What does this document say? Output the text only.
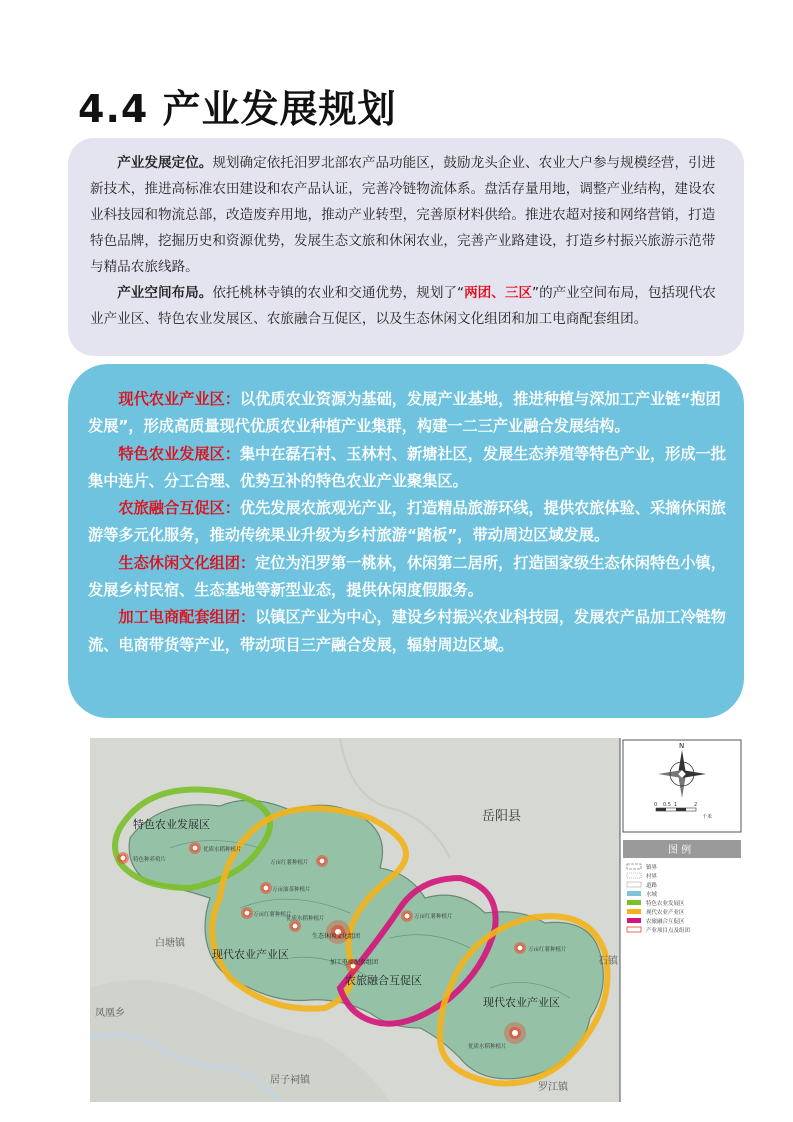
4.4 产业发展规划

产业发展定位。规划确定依托汨罗北部农产品功能区，鼓励龙头企业、农业大户参与规模经营，引进新技术，推进高标准农田建设和农产品认证，完善冷链物流体系。盘活存量用地，调整产业结构，建设农业科技园和物流总部，改造废弃用地，推动产业转型，完善原材料供给。推进农超对接和网络营销，打造特色品牌，挖掘历史和资源优势，发展生态文旅和休闲农业，完善产业路建设，打造乡村振兴旅游示范带与精品农旅线路。

产业空间布局。依托桃林寺镇的农业和交通优势，规划了“两团、三区”的产业空间布局，包括现代农业产业区、特色农业发展区、农旅融合互促区，以及生态休闲文化组团和加工电商配套组团。

现代农业产业区：以优质农业资源为基础，发展产业基地，推进种植与深加工产业链“抱团发展”，形成高质量现代优质农业种植产业集群，构建一二三产业融合发展结构。

特色农业发展区：集中在磊石村、玉林村、新塘社区，发展生态养殖等特色产业，形成一批集中连片、分工合理、优势互补的特色农业产业聚集区。

农旅融合互促区：优先发展农旅观光产业，打造精品旅游环线，提供农旅体验、采摘休闲旅游等多元化服务，推动传统果业升级为乡村旅游“踏板”，带动周边区域发展。

生态休闲文化组团：定位为汨罗第一桃林，休闲第二居所，打造国家级生态休闲特色小镇，发展乡村民宿、生态基地等新型业态，提供休闲度假服务。

加工电商配套组团：以镇区产业为中心，建设乡村振兴农业科技园，发展农产品加工冷链物流、电商带货等产业，带动项目三产融合发展，辐射周边区域。

岳阳县
白塘镇
凤凰乡
居子祠镇
罗江镇
石镇
特色农业发展区
现代农业产业区
农旅融合互促区
现代农业产业区
特色种养殖片
优质水稻种植片
万亩红薯种植片
万亩油茶种植片
万亩红薯种植片
优质水稻种植片
生态休闲文化组团
加工电商配套组团
万亩红薯种植片
万亩红薯种植片
优质水稻种植片
N
0 0.5 1	2
千米
图 例
镇界
村界
道路
水域
特色农业发展区
现代农业产业区
农旅融合互促区
产业项目点及组团
